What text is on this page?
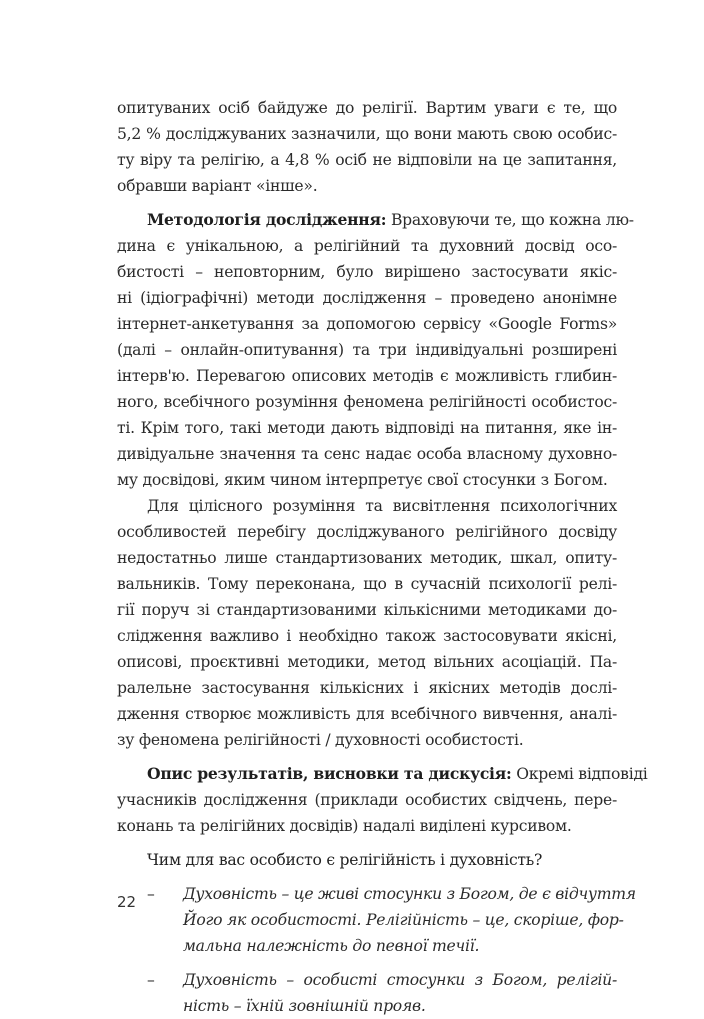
опитуваних осіб байдуже до релігії. Вартим уваги є те, що
5,2 % досліджуваних зазначили, що вони мають свою особис-
ту віру та релігію, а 4,8 % осіб не відповіли на це запитання,
обравши варіант «інше».
Методологія дослідження: Враховуючи те, що кожна лю-
дина є унікальною, а релігійний та духовний досвід осо-
бистості – неповторним, було вирішено застосувати якіс-
ні (ідіографічні) методи дослідження – проведено анонімне
інтернет-анкетування за допомогою сервісу «Google Forms»
(далі – онлайн-опитування) та три індивідуальні розширені
інтерв'ю. Перевагою описових методів є можливість глибин-
ного, всебічного розуміння феномена релігійності особистос-
ті. Крім того, такі методи дають відповіді на питання, яке ін-
дивідуальне значення та сенс надає особа власному духовно-
му досвідові, яким чином інтерпретує свої стосунки з Богом.
Для цілісного розуміння та висвітлення психологічних
особливостей перебігу досліджуваного релігійного досвіду
недостатньо лише стандартизованих методик, шкал, опиту-
вальників. Тому переконана, що в сучасній психології релі-
гії поруч зі стандартизованими кількісними методиками до-
слідження важливо і необхідно також застосовувати якісні,
описові, проєктивні методики, метод вільних асоціацій. Па-
ралельне застосування кількісних і якісних методів дослі-
дження створює можливість для всебічного вивчення, аналі-
зу феномена релігійності / духовності особистості.
Опис результатів, висновки та дискусія: Окремі відповіді
учасників дослідження (приклади особистих свідчень, пере-
конань та релігійних досвідів) надалі виділені курсивом.
Чим для вас особисто є релігійність і духовність?
– Духовність – це живі стосунки з Богом, де є відчуття
Його як особистості. Релігійність – це, скоріше, фор-
мальна належність до певної течії.
– Духовність – особисті стосунки з Богом, релігій-
ність – їхній зовнішній прояв.
22
